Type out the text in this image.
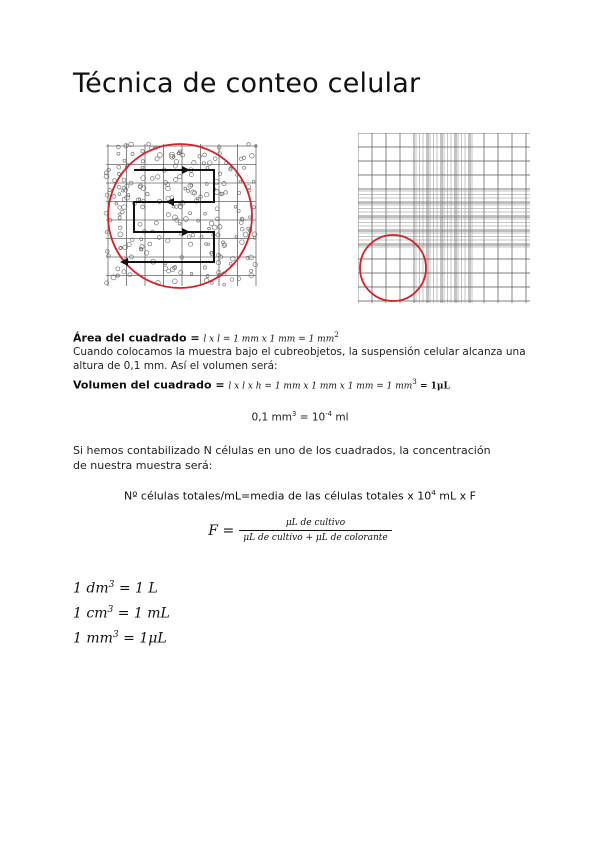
Técnica de conteo celular
Área del cuadrado = l x l = 1 mm x 1 mm = 1 $mm^2$
Cuando colocamos la muestra bajo el cubreobjetos, la suspensión celular alcanza una
altura de 0,1 mm. Así el volumen será:
Volumen del cuadrado = l x l x h = 1 mm x 1 mm x 1 mm = 1 $mm^3 = 1\mu L$
0,1 $mm^3 = 10^{-4}$ ml
Si hemos contabilizado N células en uno de los cuadrados, la concentración
de nuestra muestra será:
Nº células totales/mL=media de las células totales x $10^4$ mL x F
$F = \frac{\text{μL de cultivo}}{\text{μL de cultivo + μL de colorante}}$
1 $dm^3 = 1$ L
1 $cm^3 = 1$ mL
1 $mm^3 = 1\mu L$
